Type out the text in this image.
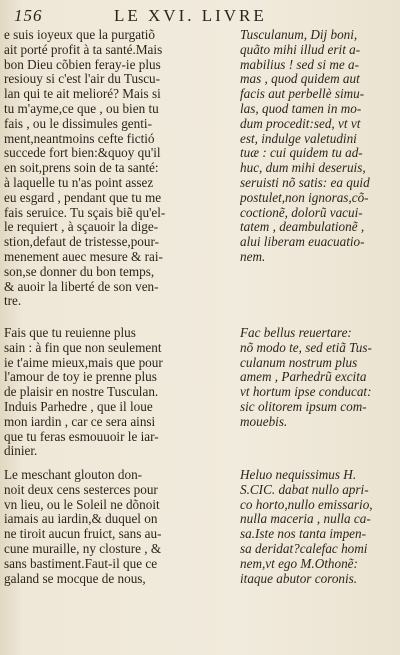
156	LE XVI. LIVRE
e suis ioyeux que la purgatiõ
ait porté profit à ta santé.Mais
bon Dieu cõbien feray-ie plus
resiouy si c'est l'air du Tuscu-
lan qui te ait melioré? Mais si
tu m'ayme,ce que , ou bien tu
fais , ou le dissimules genti-
ment,neantmoins cefte fictió
succede fort bien:&quoy qu'il
en soit,prens soin de ta santé:
à laquelle tu n'as point assez
eu esgard , pendant que tu me
fais seruice. Tu sçais biẽ qu'el-
le requiert , à sçauoir la dige-
stion,defaut de tristesse,pour-
menement auec mesure & rai-
son,se donner du bon temps,
& auoir la liberté de son ven-
tre.
Tusculanum, Dij boni,
quãto mihi illud erit a-
mabilius ! sed si me a-
mas , quod quidem aut
facis aut perbellè simu-
las, quod tamen in mo-
dum procedit:sed, vt vt
est, indulge valetudini
tuæ : cui quidem tu ad-
huc, dum mihi deseruis,
seruisti nõ satis: ea quid
postulet,non ignoras,cõ-
coctionẽ, dolorũ vacui-
tatem , deambulationẽ ,
alui liberam euacuatio-
nem.
Fais que tu reuienne plus
sain : à fin que non seulement
ie t'aime mieux,mais que pour
l'amour de toy ie prenne plus
de plaisir en nostre Tusculan.
Induis Parhedre , que il loue
mon iardin , car ce sera ainsi
que tu feras esmouuoir le iar-
dinier.
Fac bellus reuertare:
nõ modo te, sed etiã Tus-
culanum nostrum plus
amem , Parhedrũ excita
vt hortum ipse conducat:
sic olitorem ipsum com-
mouebis.
Le meschant glouton don-
noit deux cens sesterces pour
vn lieu, ou le Soleil ne dõnoit
iamais au iardin,& duquel on
ne tiroit aucun fruict, sans au-
cune muraille, ny closture , &
sans bastiment.Faut-il que ce
galand se mocque de nous,
Heluo nequissimus H.
S.CIC. dabat nullo apri-
co horto,nullo emissario,
nulla maceria , nulla ca-
sa.Iste nos tanta impen-
sa deridat?calefac homi
nem,vt ego M.Othonẽ:
itaque abutor coronis.
